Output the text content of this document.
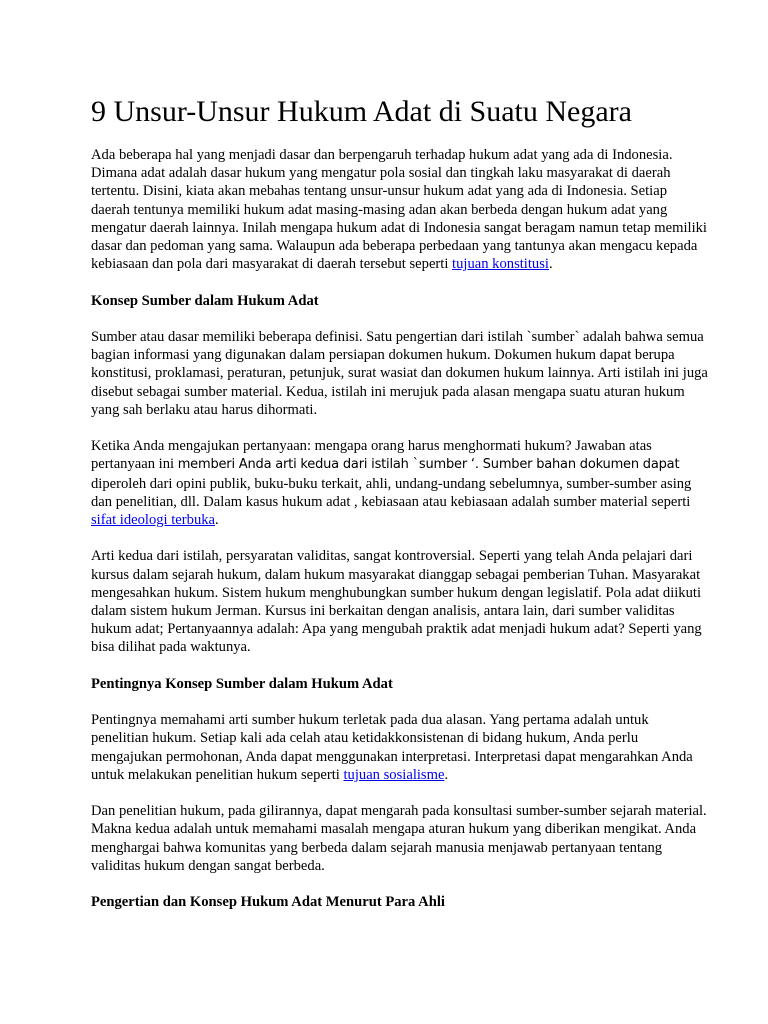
9 Unsur-Unsur Hukum Adat di Suatu Negara

Ada beberapa hal yang menjadi dasar dan berpengaruh terhadap hukum adat yang ada di Indonesia. Dimana adat adalah dasar hukum yang mengatur pola sosial dan tingkah laku masyarakat di daerah tertentu. Disini, kiata akan mebahas tentang unsur-unsur hukum adat yang ada di Indonesia. Setiap daerah tentunya memiliki hukum adat masing-masing adan akan berbeda dengan hukum adat yang mengatur daerah lainnya. Inilah mengapa hukum adat di Indonesia sangat beragam namun tetap memiliki dasar dan pedoman yang sama. Walaupun ada beberapa perbedaan yang tantunya akan mengacu kepada kebiasaan dan pola dari masyarakat di daerah tersebut seperti tujuan konstitusi.

Konsep Sumber dalam Hukum Adat

Sumber atau dasar memiliki beberapa definisi. Satu pengertian dari istilah `sumber` adalah bahwa semua bagian informasi yang digunakan dalam persiapan dokumen hukum. Dokumen hukum dapat berupa konstitusi, proklamasi, peraturan, petunjuk, surat wasiat dan dokumen hukum lainnya. Arti istilah ini juga disebut sebagai sumber material. Kedua, istilah ini merujuk pada alasan mengapa suatu aturan hukum yang sah berlaku atau harus dihormati.

Ketika Anda mengajukan pertanyaan: mengapa orang harus menghormati hukum? Jawaban atas pertanyaan ini memberi Anda arti kedua dari istilah `sumber ‘. Sumber bahan dokumen dapat diperoleh dari opini publik, buku-buku terkait, ahli, undang-undang sebelumnya, sumber-sumber asing dan penelitian, dll. Dalam kasus hukum adat , kebiasaan atau kebiasaan adalah sumber material seperti sifat ideologi terbuka.

Arti kedua dari istilah, persyaratan validitas, sangat kontroversial. Seperti yang telah Anda pelajari dari kursus dalam sejarah hukum, dalam hukum masyarakat dianggap sebagai pemberian Tuhan. Masyarakat mengesahkan hukum. Sistem hukum menghubungkan sumber hukum dengan legislatif. Pola adat diikuti dalam sistem hukum Jerman. Kursus ini berkaitan dengan analisis, antara lain, dari sumber validitas hukum adat; Pertanyaannya adalah: Apa yang mengubah praktik adat menjadi hukum adat? Seperti yang bisa dilihat pada waktunya.

Pentingnya Konsep Sumber dalam Hukum Adat

Pentingnya memahami arti sumber hukum terletak pada dua alasan. Yang pertama adalah untuk penelitian hukum. Setiap kali ada celah atau ketidakkonsistenan di bidang hukum, Anda perlu mengajukan permohonan, Anda dapat menggunakan interpretasi. Interpretasi dapat mengarahkan Anda untuk melakukan penelitian hukum seperti tujuan sosialisme.

Dan penelitian hukum, pada gilirannya, dapat mengarah pada konsultasi sumber-sumber sejarah material. Makna kedua adalah untuk memahami masalah mengapa aturan hukum yang diberikan mengikat. Anda menghargai bahwa komunitas yang berbeda dalam sejarah manusia menjawab pertanyaan tentang validitas hukum dengan sangat berbeda.

Pengertian dan Konsep Hukum Adat Menurut Para Ahli
